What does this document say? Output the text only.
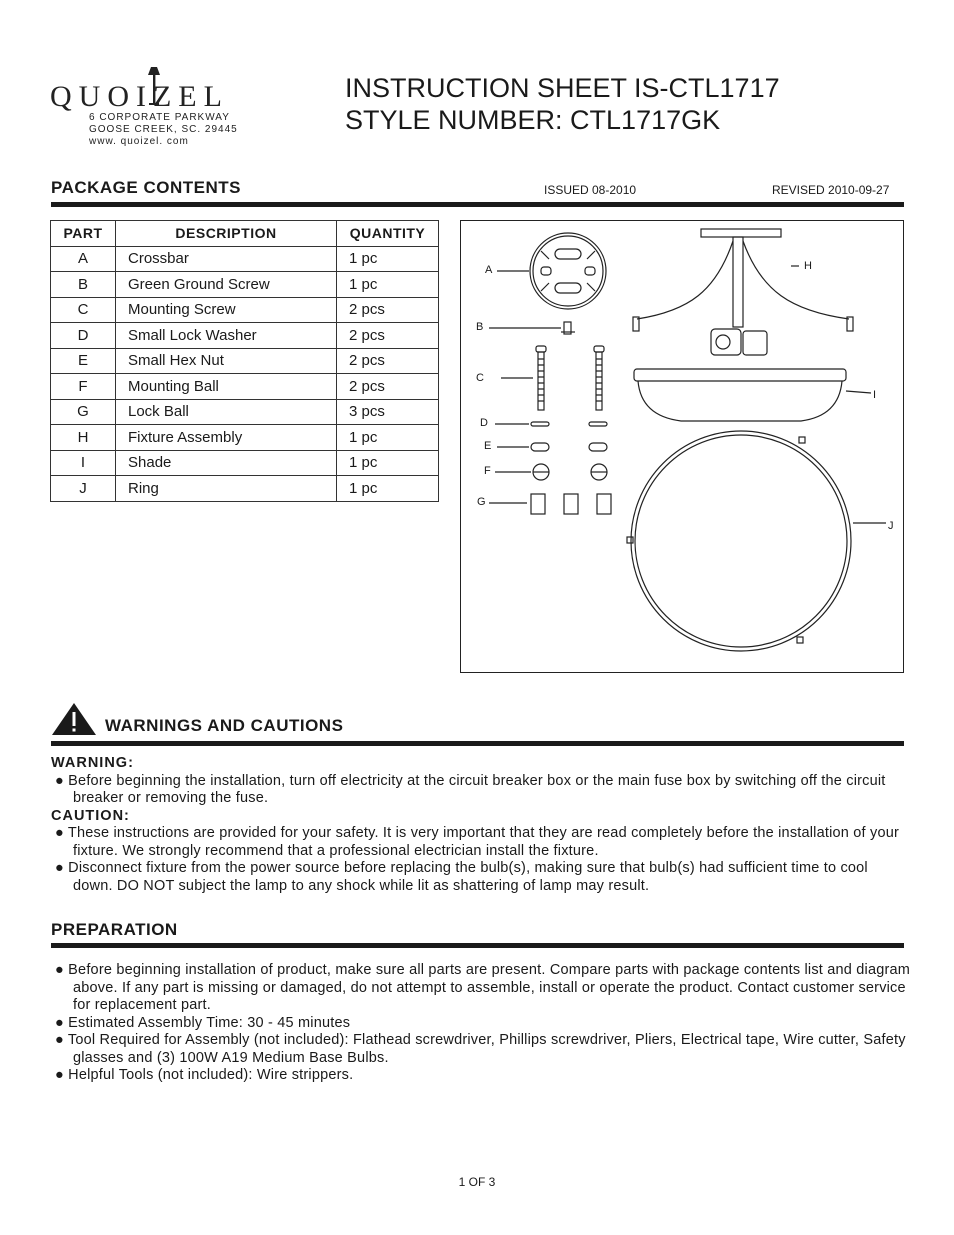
QUOIZEL
6 CORPORATE PARKWAY
GOOSE CREEK, SC. 29445
www. quoizel. com
INSTRUCTION SHEET IS-CTL1717
STYLE NUMBER: CTL1717GK
PACKAGE CONTENTS	ISSUED 08-2010	REVISED 2010-09-27
PART	DESCRIPTION	QUANTITY
A	Crossbar	1 pc
B	Green Ground Screw	1 pc
C	Mounting Screw	2 pcs
D	Small Lock Washer	2 pcs
E	Small Hex Nut	2 pcs
F	Mounting Ball	2 pcs
G	Lock Ball	3 pcs
H	Fixture Assembly	1 pc
I	Shade	1 pc
J	Ring	1 pc
A
B
C
D
E
F
G
H
I
J
WARNINGS AND CAUTIONS
WARNING:
● Before beginning the installation, turn off electricity at the circuit breaker box or the main fuse box by switching off the circuit breaker or removing the fuse.
CAUTION:
● These instructions are provided for your safety. It is very important that they are read completely before the installation of your fixture. We strongly recommend that a professional electrician install the fixture.
● Disconnect fixture from the power source before replacing the bulb(s), making sure that bulb(s) had sufficient time to cool down. DO NOT subject the lamp to any shock while lit as shattering of lamp may result.
PREPARATION
● Before beginning installation of product, make sure all parts are present. Compare parts with package contents list and diagram above. If any part is missing or damaged, do not attempt to assemble, install or operate the product. Contact customer service for replacement part.
● Estimated Assembly Time: 30 - 45 minutes
● Tool Required for Assembly (not included): Flathead screwdriver, Phillips screwdriver, Pliers, Electrical tape, Wire cutter, Safety glasses and (3) 100W A19 Medium Base Bulbs.
● Helpful Tools (not included): Wire strippers.
1 OF 3
